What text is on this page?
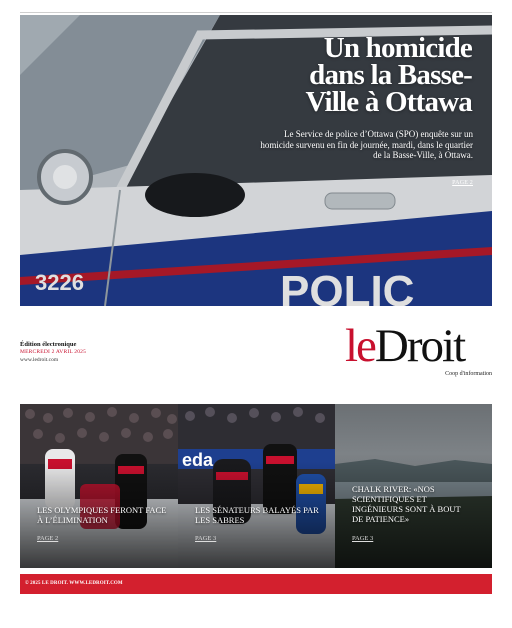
Un homicide
dans la Basse-
Ville à Ottawa
Le Service de police d’Ottawa (SPO) enquête sur un homicide survenu en fin de journée, mardi, dans le quartier de la Basse-Ville, à Ottawa.
PAGE 2
Édition électronique
MERCREDI 2 AVRIL 2025
www.ledroit.com	leDroit
Coop d'information
LES OLYMPIQUES FERONT FACE À L’ÉLIMINATION
PAGE 2
LES SÉNATEURS BALAYÉS PAR LES SABRES
PAGE 3
CHALK RIVER: «NOS SCIENTIFIQUES ET INGÉNIEURS SONT À BOUT DE PATIENCE»
PAGE 3
© 2025 LE DROIT. WWW.LEDROIT.COM
